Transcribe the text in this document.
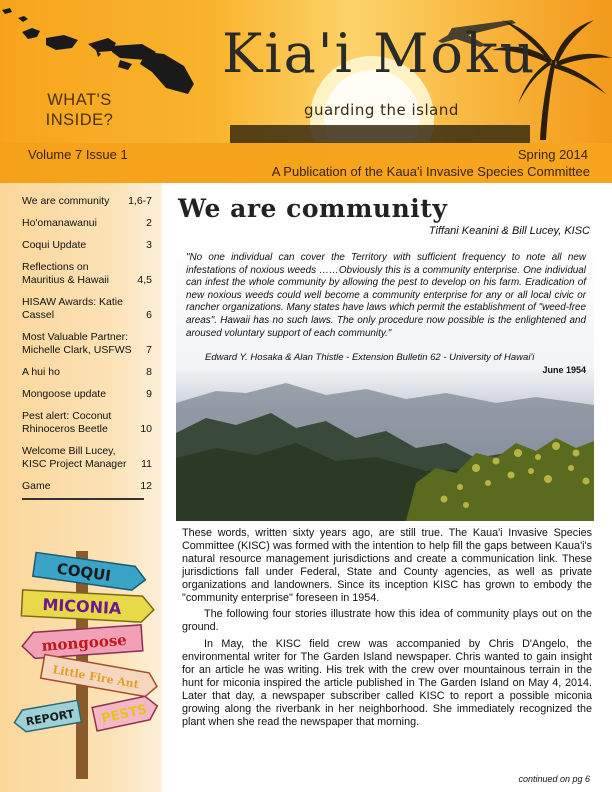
Kia'i Moku
guarding the island
WHAT'S INSIDE?
Volume 7 Issue 1	Spring 2014
A Publication of the Kaua'i Invasive Species Committee
We are community	1,6-7
Ho'omanawanui	2
Coqui Update	3
Reflections on Mauritius & Hawaii	4,5
HISAW Awards: Katie Cassel	6
Most Valuable Partner: Michelle Clark, USFWS	7
A hui ho	8
Mongoose update	9
Pest alert: Coconut Rhinoceros Beetle	10
Welcome Bill Lucey, KISC Project Manager	11
Game	12
COQUI
MICONIA
mongoose
Little Fire Ant
REPORT PESTS
We are community
Tiffani Keanini & Bill Lucey, KISC
"No one individual can cover the Territory with sufficient frequency to note all new infestations of noxious weeds ……Obviously this is a community enterprise. One individual can infest the whole community by allowing the pest to develop on his farm. Eradication of new noxious weeds could well become a community enterprise for any or all local civic or rancher organizations. Many states have laws which permit the establishment of "weed-free areas". Hawaii has no such laws. The only procedure now possible is the enlightened and aroused voluntary support of each community."
Edward Y. Hosaka & Alan Thistle - Extension Bulletin 62 - University of Hawai'i
June 1954

These words, written sixty years ago, are still true. The Kaua'i Invasive Species Committee (KISC) was formed with the intention to help fill the gaps between Kaua'i's natural resource management jurisdictions and create a communication link. These jurisdictions fall under Federal, State and County agencies, as well as private organizations and landowners. Since its inception KISC has grown to embody the "community enterprise" foreseen in 1954.

The following four stories illustrate how this idea of community plays out on the ground.

In May, the KISC field crew was accompanied by Chris D'Angelo, the environmental writer for The Garden Island newspaper. Chris wanted to gain insight for an article he was writing. His trek with the crew over mountainous terrain in the hunt for miconia inspired the article published in The Garden Island on May 4, 2014. Later that day, a newspaper subscriber called KISC to report a possible miconia growing along the riverbank in her neighborhood. She immediately recognized the plant when she read the newspaper that morning.

continued on pg 6
